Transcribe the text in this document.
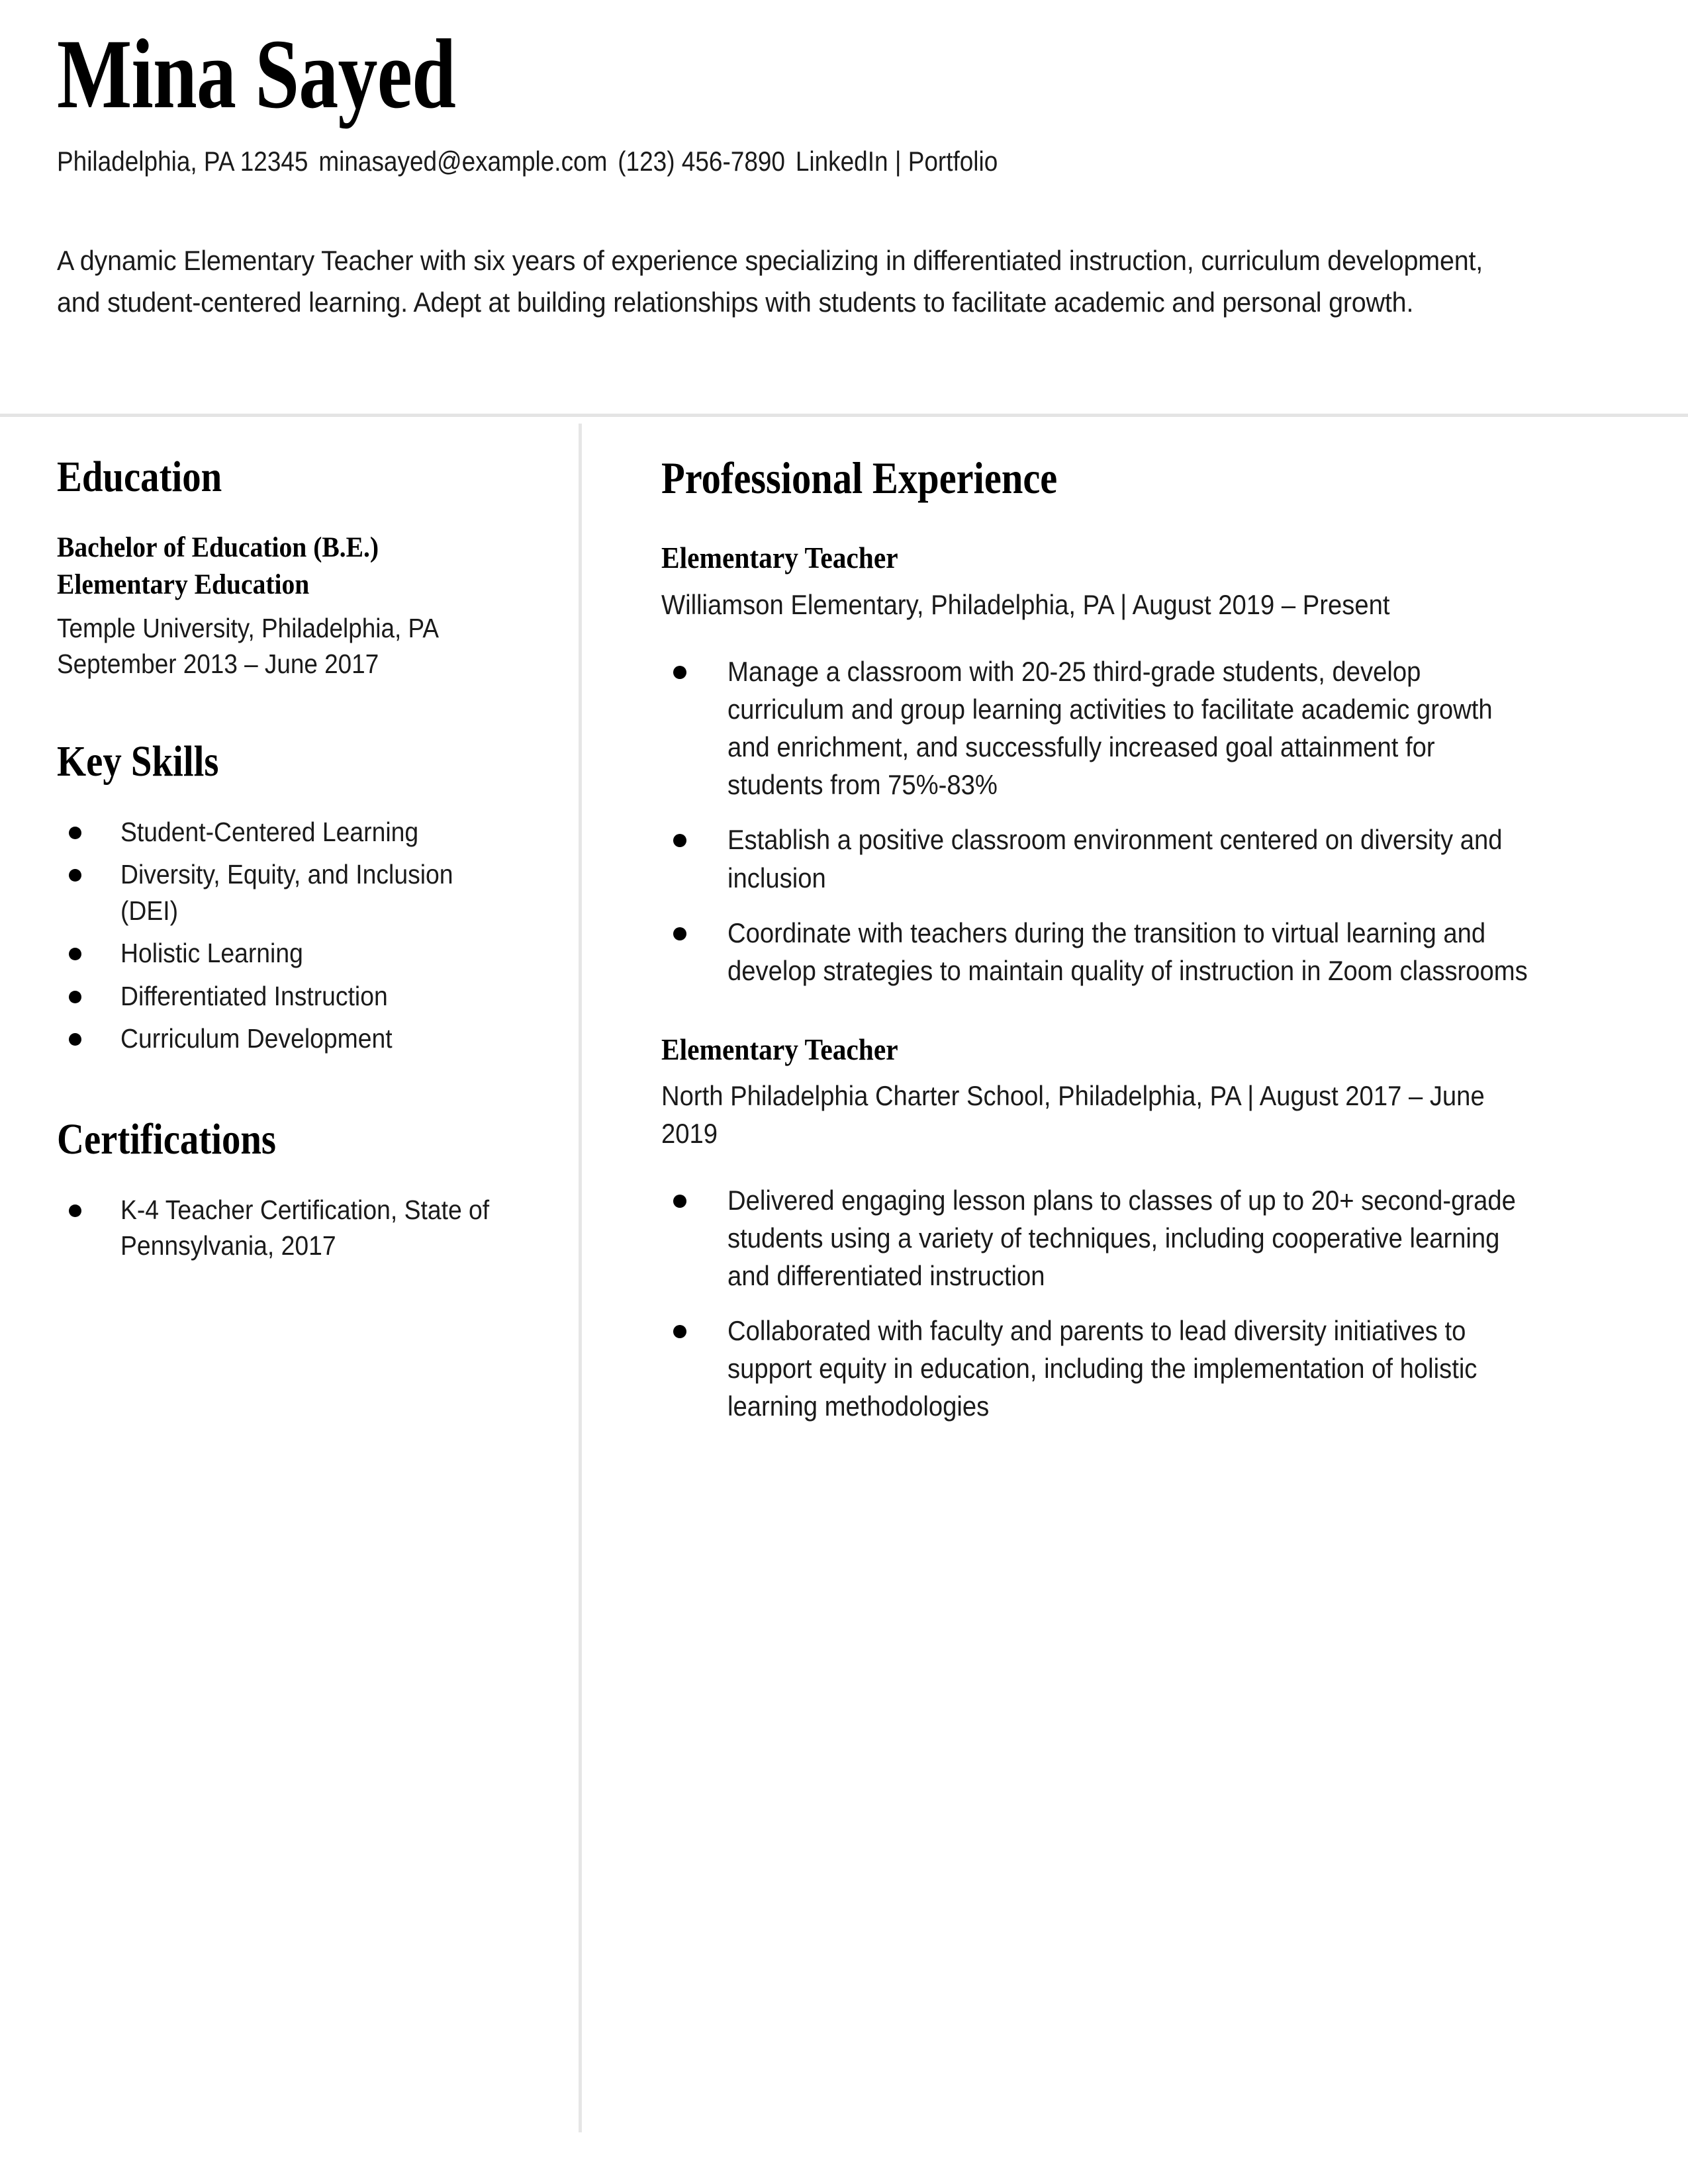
Mina Sayed
Philadelphia, PA 12345 minasayed@example.com (123) 456-7890 LinkedIn | Portfolio

A dynamic Elementary Teacher with six years of experience specializing in differentiated instruction, curriculum development, and student-centered learning. Adept at building relationships with students to facilitate academic and personal growth.

Education
Bachelor of Education (B.E.) Elementary Education
Temple University, Philadelphia, PA
September 2013 – June 2017
Key Skills
Student-Centered Learning
Diversity, Equity, and Inclusion (DEI)
Holistic Learning
Differentiated Instruction
Curriculum Development
Certifications
K-4 Teacher Certification, State of Pennsylvania, 2017
Professional Experience
Elementary Teacher
Williamson Elementary, Philadelphia, PA | August 2019 – Present
Manage a classroom with 20-25 third-grade students, develop curriculum and group learning activities to facilitate academic growth and enrichment, and successfully increased goal attainment for students from 75%-83%
Establish a positive classroom environment centered on diversity and inclusion
Coordinate with teachers during the transition to virtual learning and develop strategies to maintain quality of instruction in Zoom classrooms
Elementary Teacher
North Philadelphia Charter School, Philadelphia, PA | August 2017 – June 2019
Delivered engaging lesson plans to classes of up to 20+ second-grade students using a variety of techniques, including cooperative learning and differentiated instruction
Collaborated with faculty and parents to lead diversity initiatives to support equity in education, including the implementation of holistic learning methodologies
